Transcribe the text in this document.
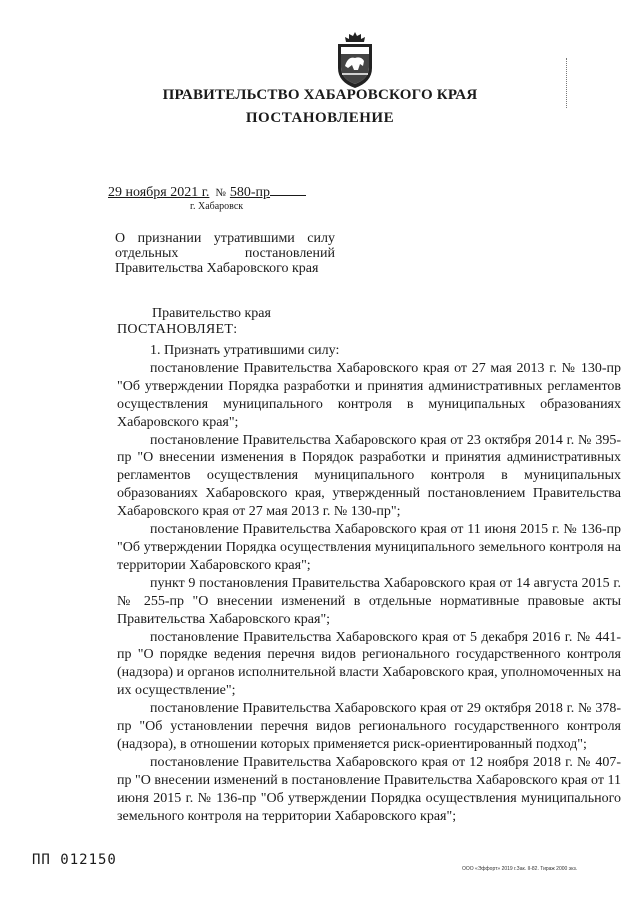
ПРАВИТЕЛЬСТВО ХАБАРОВСКОГО КРАЯ
ПОСТАНОВЛЕНИЕ
29 ноября 2021 г. № 580-пр
г. Хабаровск
О признании утратившими силу
отдельных постановлений
Правительства Хабаровского края
Правительство края
ПОСТАНОВЛЯЕТ:

1. Признать утратившими силу:

постановление Правительства Хабаровского края от 27 мая 2013 г. № 130-пр "Об утверждении Порядка разработки и принятия административных регламентов осуществления муниципального контроля в муниципальных образованиях Хабаровского края";

постановление Правительства Хабаровского края от 23 октября 2014 г. № 395-пр "О внесении изменения в Порядок разработки и принятия административных регламентов осуществления муниципального контроля в муниципальных образованиях Хабаровского края, утвержденный постановлением Правительства Хабаровского края от 27 мая 2013 г. № 130-пр";

постановление Правительства Хабаровского края от 11 июня 2015 г. № 136-пр "Об утверждении Порядка осуществления муниципального земельного контроля на территории Хабаровского края";

пункт 9 постановления Правительства Хабаровского края от 14 августа 2015 г. № 255-пр "О внесении изменений в отдельные нормативные правовые акты Правительства Хабаровского края";

постановление Правительства Хабаровского края от 5 декабря 2016 г. № 441-пр "О порядке ведения перечня видов регионального государственного контроля (надзора) и органов исполнительной власти Хабаровского края, уполномоченных на их осуществление";

постановление Правительства Хабаровского края от 29 октября 2018 г. № 378-пр "Об установлении перечня видов регионального государственного контроля (надзора), в отношении которых применяется риск-ориентированный подход";

постановление Правительства Хабаровского края от 12 ноября 2018 г. № 407-пр "О внесении изменений в постановление Правительства Хабаровского края от 11 июня 2015 г. № 136-пр "Об утверждении Порядка осуществления муниципального земельного контроля на территории Хабаровского края";

ПП 012150
ООО «Эффорт» 2019 г.Зак. II-82. Тираж 2000 экз.
